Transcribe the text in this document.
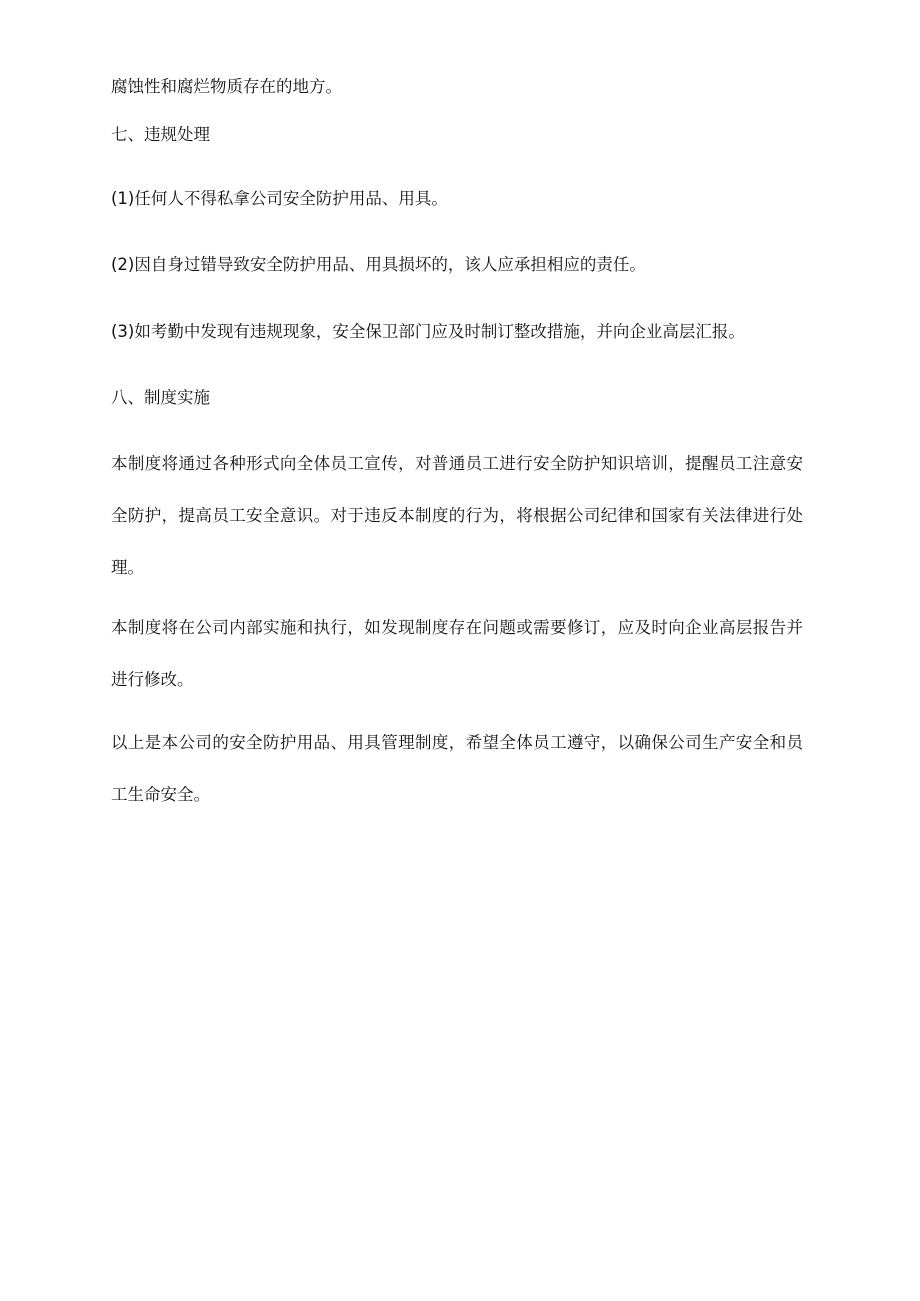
腐蚀性和腐烂物质存在的地方。
七、违规处理
(1)任何人不得私拿公司安全防护用品、用具。
(2)因自身过错导致安全防护用品、用具损坏的，该人应承担相应的责任。
(3)如考勤中发现有违规现象，安全保卫部门应及时制订整改措施，并向企业高层汇报。
八、制度实施
本制度将通过各种形式向全体员工宣传，对普通员工进行安全防护知识培训，提醒员工注意安全防护，提高员工安全意识。对于违反本制度的行为，将根据公司纪律和国家有关法律进行处理。
本制度将在公司内部实施和执行，如发现制度存在问题或需要修订，应及时向企业高层报告并进行修改。
以上是本公司的安全防护用品、用具管理制度，希望全体员工遵守，以确保公司生产安全和员工生命安全。
